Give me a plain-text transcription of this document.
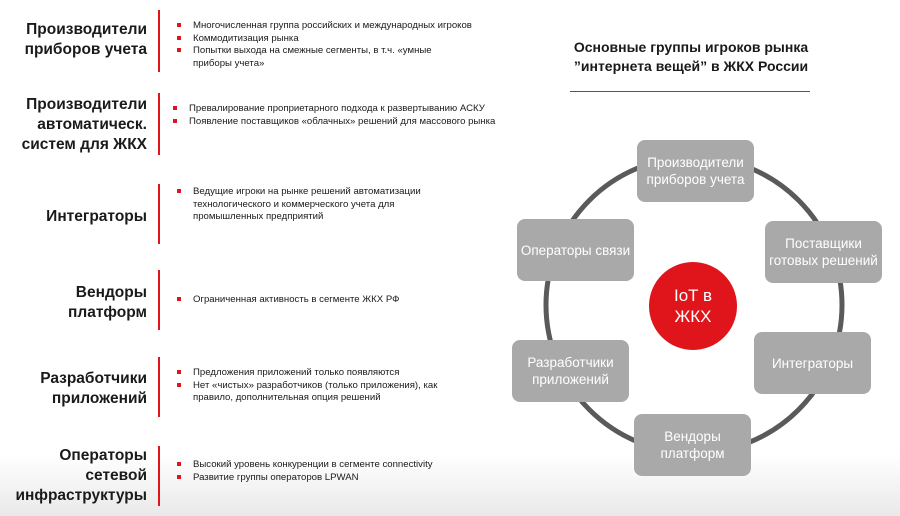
Производители приборов учета
Многочисленная группа российских и международных игроков
Коммодитизация рынка
Попытки выхода на смежные сегменты, в т.ч. «умные приборы учета»
Производители автоматическ. систем для ЖКХ
Превалирование проприетарного подхода к развертыванию АСКУ
Появление поставщиков «облачных» решений для массового рынка
Интеграторы
Ведущие игроки на рынке решений автоматизации технологического и коммерческого учета для промышленных предприятий
Вендоры платформ
Ограниченная активность в сегменте ЖКХ РФ
Разработчики приложений
Предложения приложений только появляются
Нет «чистых» разработчиков (только приложения), как правило, дополнительная опция решений
Операторы сетевой инфраструктуры
Высокий уровень конкуренции в сегменте connectivity
Развитие группы операторов LPWAN
Основные группы игроков рынка ”интернета вещей” в ЖКХ России
Производители приборов учета
Поставщики готовых решений
Интеграторы
Вендоры платформ
Разработчики приложений
Операторы связи
IoT в ЖКХ
